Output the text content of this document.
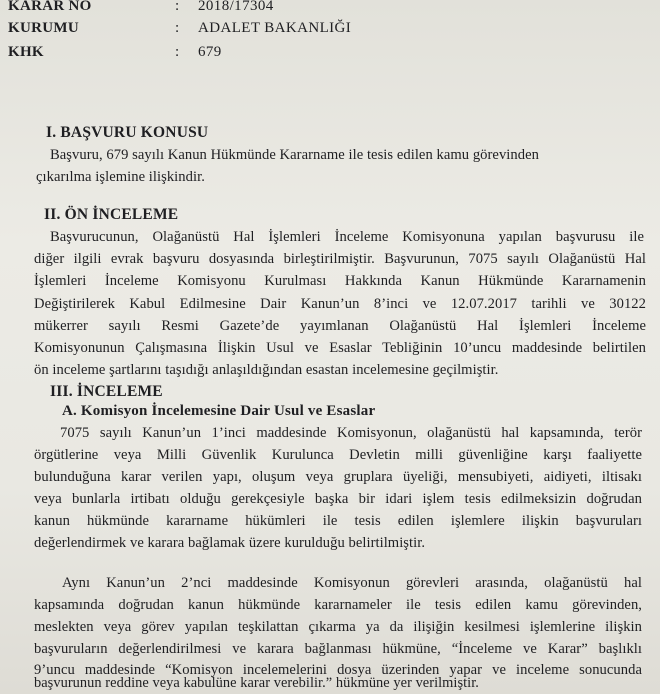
KARAR NO	: 2018/17304
KURUMU	: ADALET BAKANLIĞI
KHK	: 679
I. BAŞVURU KONUSU
Başvuru, 679 sayılı Kanun Hükmünde Kararname ile tesis edilen kamu görevinden
çıkarılma işlemine ilişkindir.
II. ÖN İNCELEME
Başvurucunun, Olağanüstü Hal İşlemleri İnceleme Komisyonuna yapılan başvurusu ile
diğer ilgili evrak başvuru dosyasında birleştirilmiştir. Başvurunun, 7075 sayılı Olağanüstü Hal
İşlemleri İnceleme Komisyonu Kurulması Hakkında Kanun Hükmünde Kararnamenin
Değiştirilerek Kabul Edilmesine Dair Kanun’un 8’inci ve 12.07.2017 tarihli ve 30122
mükerrer sayılı Resmi Gazete’de yayımlanan Olağanüstü Hal İşlemleri İnceleme
Komisyonunun Çalışmasına İlişkin Usul ve Esaslar Tebliğinin 10’uncu maddesinde belirtilen
ön inceleme şartlarını taşıdığı anlaşıldığından esastan incelemesine geçilmiştir.
III. İNCELEME
A. Komisyon İncelemesine Dair Usul ve Esaslar
7075 sayılı Kanun’un 1’inci maddesinde Komisyonun, olağanüstü hal kapsamında, terör
örgütlerine veya Milli Güvenlik Kurulunca Devletin milli güvenliğine karşı faaliyette
bulunduğuna karar verilen yapı, oluşum veya gruplara üyeliği, mensubiyeti, aidiyeti, iltisakı
veya bunlarla irtibatı olduğu gerekçesiyle başka bir idari işlem tesis edilmeksizin doğrudan
kanun hükmünde kararname hükümleri ile tesis edilen işlemlere ilişkin başvuruları
değerlendirmek ve karara bağlamak üzere kurulduğu belirtilmiştir.
Aynı Kanun’un 2’nci maddesinde Komisyonun görevleri arasında, olağanüstü hal
kapsamında doğrudan kanun hükmünde kararnameler ile tesis edilen kamu görevinden,
meslekten veya görev yapılan teşkilattan çıkarma ya da ilişiğin kesilmesi işlemlerine ilişkin
başvuruların değerlendirilmesi ve karara bağlanması hükmüne, “İnceleme ve Karar” başlıklı
9’uncu maddesinde “Komisyon incelemelerini dosya üzerinden yapar ve inceleme sonucunda
başvurunun reddine veya kabulüne karar verebilir.” hükmüne yer verilmiştir.
